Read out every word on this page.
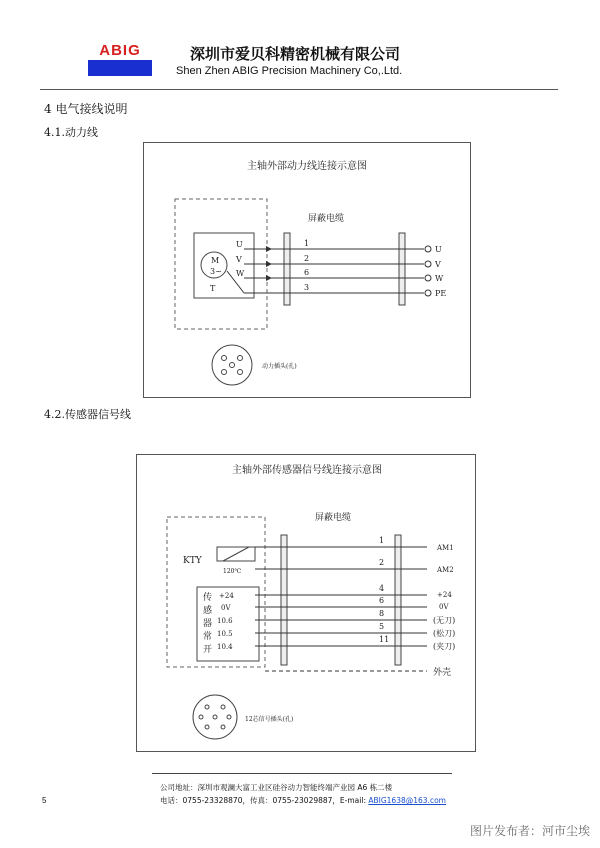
ABIG	深圳市爱贝科精密机械有限公司
Shen Zhen ABIG Precision Machinery Co,.Ltd.
4 电气接线说明
4.1.动力线
4.2.传感器信号线
主轴外部动力线连接示意图
屏蔽电缆
M
3~
U
V
W
T
1
2
6
3
U
V
W
PE
动力插头(孔)
主轴外部传感器信号线连接示意图
屏蔽电缆
KTY
120℃
传
感
器
常
开
+24
0V
10.6
10.5
10.4
1
2
4
6
8
5
11
AM1
AM2
+24
0V
(无刀)
(松刀)
(夹刀)
外壳
12芯信号插头(孔)
公司地址：深圳市观澜大富工业区硅谷动力智能终端产业园 A6 栋二楼
电话：0755-23328870，传真：0755-23029887，E-mail: ABIG1638@163.com
5
图片发布者：河市尘埃
